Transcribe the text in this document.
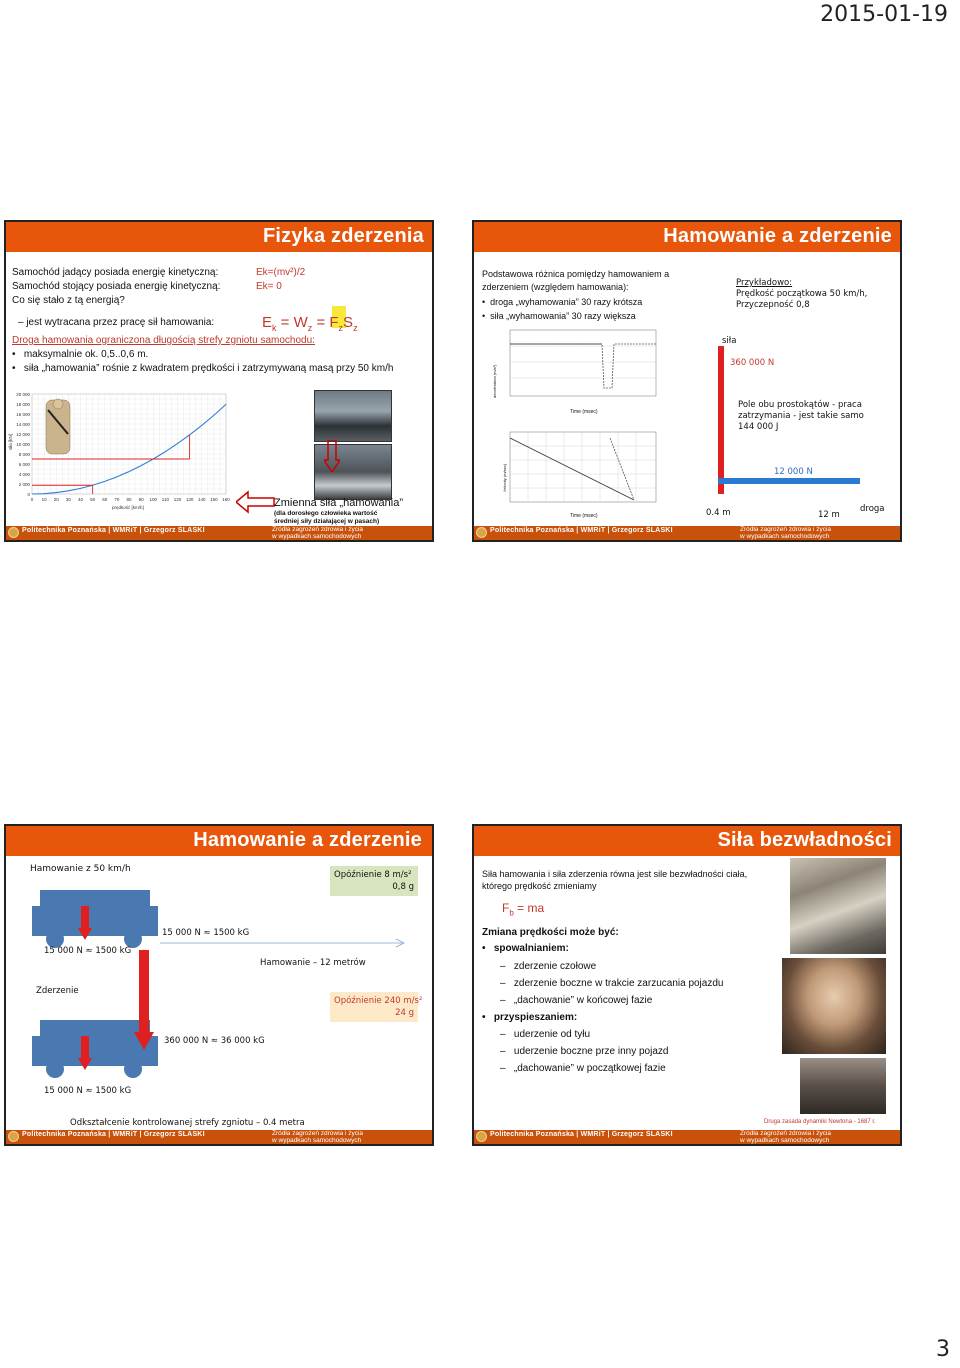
2015-01-19
Fizyka zderzenia
Samochód jadący posiada energię kinetyczną:	Ek=(mv²)/2
Samochód stojący posiada energię kinetyczną:	Ek= 0
Co się stało z tą energią?
– jest wytracana przez pracę sił hamowania:	$E_k = W_z = F_zS_z$
Droga hamowania ograniczona długością strefy zgniotu samochodu:
•   maksymalnie ok. 0,5..0,6 m.
•   siła „hamowania” rośnie z kwadratem prędkości i zatrzymywaną masą przy 50 km/h
0
2 000
4 000
6 000
8 000
10 000
12 000
14 000
16 000
18 000
20 000
0 10 20 30 40 50 60 70 80 90 100 110 120 130 140 150 160
prędkość [km/h]
siła [kN]
Zmienna siła „hamowania”
(dla dorosłego człowieka wartość
średniej siły działającej w pasach)
Politechnika Poznańska | WMRiT | Grzegorz ŚLASKI	Źródła zagrożeń zdrowia i życia
w wypadkach samochodowych
Hamowanie a zderzenie
Podstawowa różnica pomiędzy hamowaniem a
zderzeniem (względem hamowania):
•  droga „wyhamowania” 30 razy krótsza
•  siła „wyhamowania” 30 razy większa
deceleration (m/s²)
Time (msec)
Velocity (m/sec)
Time (msec)
Przykładowo:
Prędkość początkowa 50 km/h,
Przyczepność 0,8
siła
360 000 N
Pole obu prostokątów - praca
zatrzymania - jest takie samo
144 000 J
12 000 N
0.4 m	12 m
droga
Politechnika Poznańska | WMRiT | Grzegorz ŚLASKI	Źródła zagrożeń zdrowia i życia
w wypadkach samochodowych
Hamowanie a zderzenie
Hamowanie z 50 km/h
Opóźnienie 8 m/s²
0,8 g
15 000 N ≈ 1500 kG
15 000 N ≈ 1500 kG
Hamowanie – 12 metrów
Zderzenie
Opóźnienie 240 m/s²
24 g
360 000 N ≈ 36 000 kG
15 000 N ≈ 1500 kG
Odkształcenie kontrolowanej strefy zgniotu – 0.4 metra
Politechnika Poznańska | WMRiT | Grzegorz ŚLASKI	Źródła zagrożeń zdrowia i życia
w wypadkach samochodowych
Siła bezwładności
Siła hamowania i siła zderzenia równa jest sile bezwładności ciała,
którego prędkość zmieniamy
$F_b$ = ma
Zmiana prędkości może być:
•   spowalnianiem:
–   zderzenie czołowe
–   zderzenie boczne w trakcie zarzucania pojazdu
–   „dachowanie” w końcowej fazie
•   przyspieszaniem:
–   uderzenie od tyłu
–   uderzenie boczne prze inny pojazd
–   „dachowanie” w początkowej fazie
Druga zasada dynamiki Newtona - 1687 r.
Politechnika Poznańska | WMRiT | Grzegorz ŚLASKI	Źródła zagrożeń zdrowia i życia
w wypadkach samochodowych
3
